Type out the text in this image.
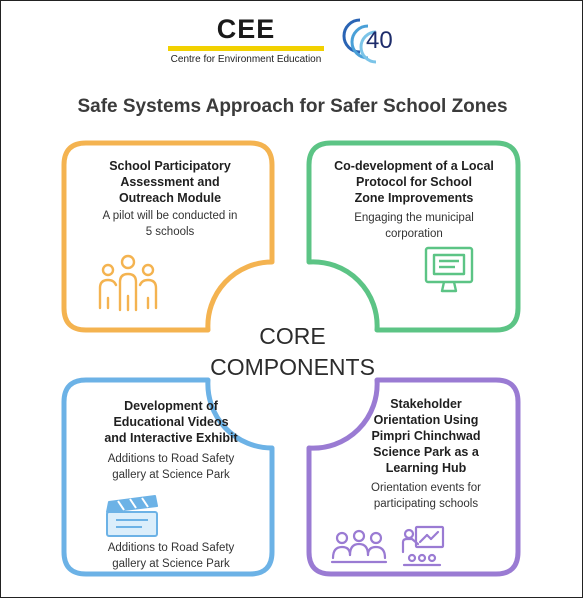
CEE
Centre for Environment Education
40
Safe Systems Approach for Safer School Zones
CORE
COMPONENTS
School Participatory
Assessment and
Outreach Module
A pilot will be conducted in
5 schools
Co-development of a Local
Protocol for School
Zone Improvements
Engaging the municipal
corporation
Development of
Educational Videos
and Interactive Exhibit
Additions to Road Safety
gallery at Science Park
Additions to Road Safety
gallery at Science Park
Stakeholder
Orientation Using
Pimpri Chinchwad
Science Park as a
Learning Hub
Orientation events for
participating schools
